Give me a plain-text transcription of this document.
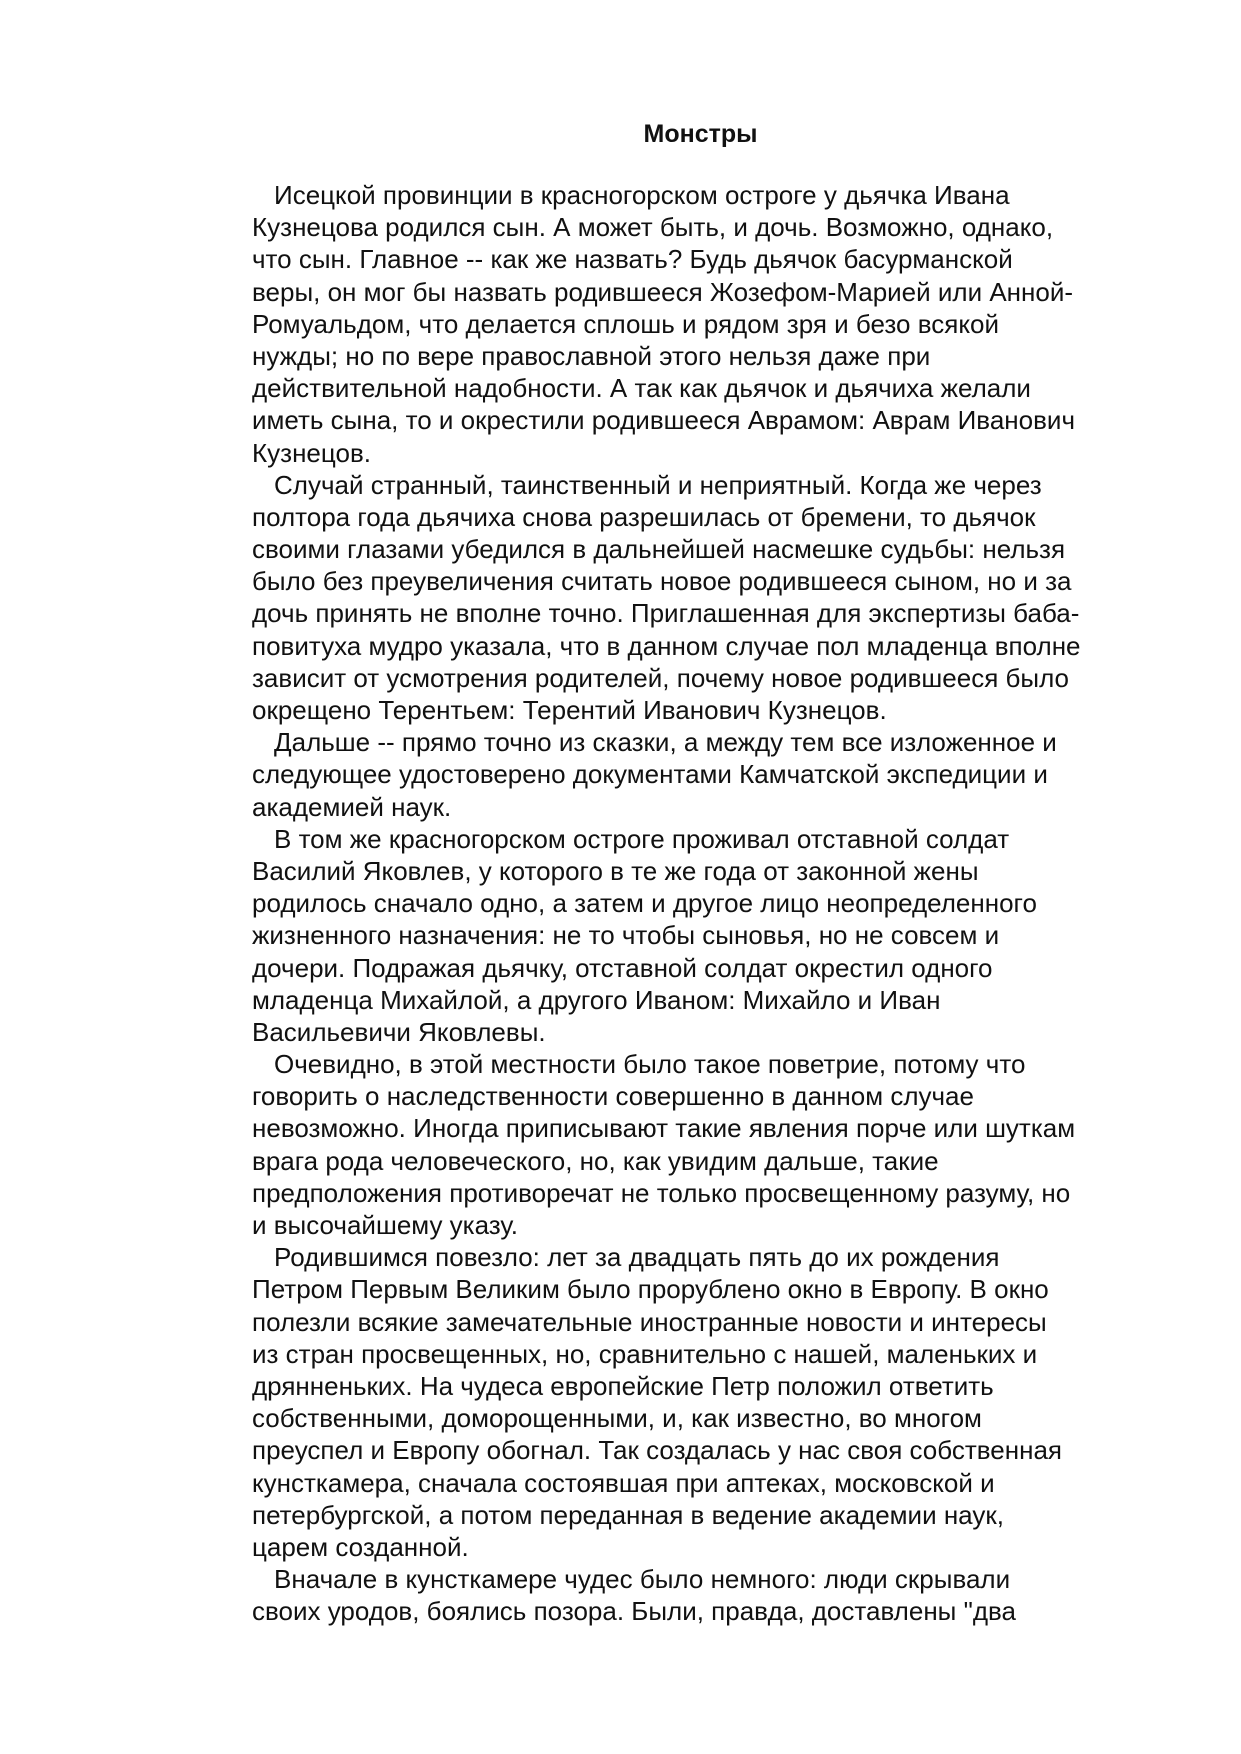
Монстры
Исецкой провинции в красногорском остроге у дьячка Ивана
Кузнецова родился сын. А может быть, и дочь. Возможно, однако,
что сын. Главное -- как же назвать? Будь дьячок басурманской
веры, он мог бы назвать родившееся Жозефом-Марией или Анной-
Ромуальдом, что делается сплошь и рядом зря и безо всякой
нужды; но по вере православной этого нельзя даже при
действительной надобности. А так как дьячок и дьячиха желали
иметь сына, то и окрестили родившееся Аврамом: Аврам Иванович
Кузнецов.
Случай странный, таинственный и неприятный. Когда же через
полтора года дьячиха снова разрешилась от бремени, то дьячок
своими глазами убедился в дальнейшей насмешке судьбы: нельзя
было без преувеличения считать новое родившееся сыном, но и за
дочь принять не вполне точно. Приглашенная для экспертизы баба-
повитуха мудро указала, что в данном случае пол младенца вполне
зависит от усмотрения родителей, почему новое родившееся было
окрещено Терентьем: Терентий Иванович Кузнецов.
Дальше -- прямо точно из сказки, а между тем все изложенное и
следующее удостоверено документами Камчатской экспедиции и
академией наук.
В том же красногорском остроге проживал отставной солдат
Василий Яковлев, у которого в те же года от законной жены
родилось сначало одно, а затем и другое лицо неопределенного
жизненного назначения: не то чтобы сыновья, но не совсем и
дочери. Подражая дьячку, отставной солдат окрестил одного
младенца Михайлой, а другого Иваном: Михайло и Иван
Васильевичи Яковлевы.
Очевидно, в этой местности было такое поветрие, потому что
говорить о наследственности совершенно в данном случае
невозможно. Иногда приписывают такие явления порче или шуткам
врага рода человеческого, но, как увидим дальше, такие
предположения противоречат не только просвещенному разуму, но
и высочайшему указу.
Родившимся повезло: лет за двадцать пять до их рождения
Петром Первым Великим было прорублено окно в Европу. В окно
полезли всякие замечательные иностранные новости и интересы
из стран просвещенных, но, сравнительно с нашей, маленьких и
дрянненьких. На чудеса европейские Петр положил ответить
собственными, доморощенными, и, как известно, во многом
преуспел и Европу обогнал. Так создалась у нас своя собственная
кунсткамера, сначала состоявшая при аптеках, московской и
петербургской, а потом переданная в ведение академии наук,
царем созданной.
Вначале в кунсткамере чудес было немного: люди скрывали
своих уродов, боялись позора. Были, правда, доставлены "два
